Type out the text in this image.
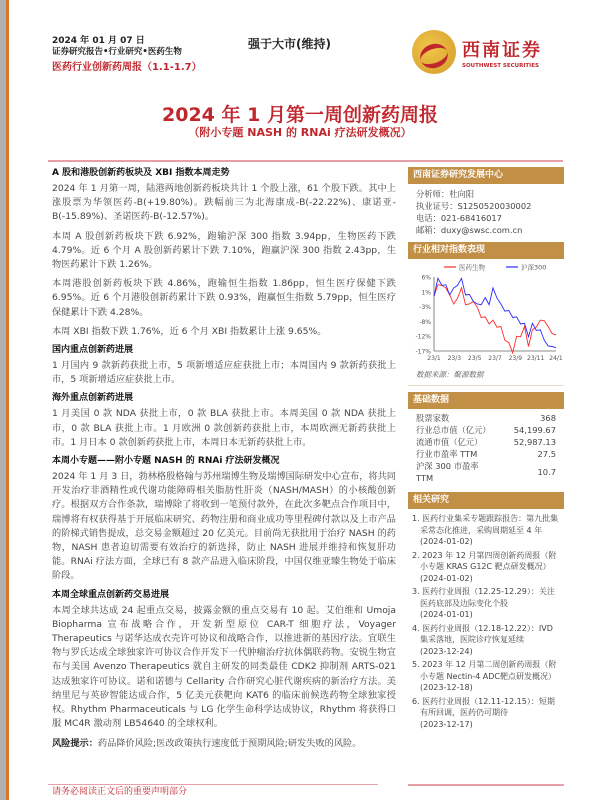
2024 年 01 月 07 日
证券研究报告•行业研究•医药生物
医药行业创新药周报（1.1-1.7）
强于大市(维持)	西南证券
SOUTHWEST SECURITIES
2024 年 1 月第一周创新药周报
（附小专题 NASH 的 RNAi 疗法研发概况）
A 股和港股创新药板块及 XBI 指数本周走势

2024 年 1 月第一周，陆港两地创新药板块共计 1 个股上涨，61 个股下跌。其中上涨股票为华领医药-B(+19.80%)。跌幅前三为北海康成-B(-22.22%)、康诺亚-B(-15.89%)、圣诺医药-B(-12.57%)。

本周 A 股创新药板块下跌 6.92%，跑输沪深 300 指数 3.94pp，生物医药下跌 4.79%。近 6 个月 A 股创新药累计下跌 7.10%，跑赢沪深 300 指数 2.43pp，生物医药累计下跌 1.26%。

本周港股创新药板块下跌 4.86%，跑输恒生指数 1.86pp，恒生医疗保健下跌 6.95%。近 6 个月港股创新药累计下跌 0.93%，跑赢恒生指数 5.79pp，恒生医疗保健累计下跌 4.28%。

本周 XBI 指数下跌 1.76%，近 6 个月 XBI 指数累计上涨 9.65%。

国内重点创新药进展

1 月国内 9 款新药获批上市，5 项新增适应症获批上市；本周国内 9 款新药获批上市，5 项新增适应症获批上市。

海外重点创新药进展

1 月美国 0 款 NDA 获批上市，0 款 BLA 获批上市。本周美国 0 款 NDA 获批上市，0 款 BLA 获批上市。1 月欧洲 0 款创新药获批上市，本周欧洲无新药获批上市。1 月日本 0 款创新药获批上市，本周日本无新药获批上市。

本周小专题——附小专题 NASH 的 RNAi 疗法研发概况

2024 年 1 月 3 日，勃林格殷格翰与苏州瑞博生物及瑞博国际研发中心宣布，将共同开发治疗非酒精性或代谢功能障碍相关脂肪性肝炎（NASH/MASH）的小核酸创新疗。根据双方合作条款，瑞博除了将收到一笔预付款外，在此次多靶点合作项目中，瑞博将有权获得基于开展临床研究、药物注册和商业成功等里程碑付款以及上市产品的阶梯式销售提成，总交易金额超过 20 亿美元。目前尚无获批用于治疗 NASH 的药物，NASH 患者迫切需要有效治疗的新选择，防止 NASH 进展并维持和恢复肝功能。RNAi 疗法方面，全球已有 8 款产品进入临床阶段，中国仅维亚臻生物处于临床阶段。

本周全球重点创新药交易进展

本周全球共达成 24 起重点交易，披露金额的重点交易有 10 起。艾伯维和 Umoja Biopharma 宣布战略合作，开发新型原位 CAR-T 细胞疗法，Voyager Therapeutics 与诺华达成衣壳许可协议和战略合作，以推进新的基因疗法。宜联生物与罗氏达成全球独家许可协议合作开发下一代肿瘤治疗抗体偶联药物。安锐生物宣布与美国 Avenzo Therapeutics 就自主研发的同类最佳 CDK2 抑制剂 ARTS-021 达成独家许可协议。诺和诺德与 Cellarity 合作研究心脏代谢疾病的新治疗方法。美纳里尼与英矽智能达成合作，5 亿美元获靶向 KAT6 的临床前候选药物全球独家授权。Rhythm Pharmaceuticals 与 LG 化学生命科学达成协议，Rhythm 将获得口服 MC4R 激动剂 LB54640 的全球权利。

风险提示：药品降价风险;医改政策执行速度低于预期风险;研发失败的风险。

西南证券研究发展中心
分析师：杜向阳
执业证号：S1250520030002
电话：021-68416017
邮箱：duxy@swsc.com.cn
行业相对指数表现
6%
1%
-3%
-8%
-12%
-17%
23/1 23/3 23/5 23/7 23/9 23/11 24/1
医药生物	沪深300
数据来源：聚源数据
基础数据
股票家数	368
行业总市值（亿元）	54,199.67
流通市值（亿元）	52,987.13
行业市盈率 TTM	27.5
沪深 300 市盈率 TTM	10.7
相关研究
1. 医药行业集采专题跟踪报告：第九批集采常态化推进，采购周期延至 4 年
(2024-01-02)
2. 2023 年 12 月第四周创新药周报（附小专题 KRAS G12C 靶点研发概况）
(2024-01-02)
3. 医药行业周报（12.25-12.29）：关注医药底部及边际变化个股
(2024-01-01)
4. 医药行业周报（12.18-12.22）：IVD 集采落地，医院诊疗恢复延续
(2023-12-24)
5. 2023 年 12 月第二周创新药周报（附小专题 Nectin-4 ADC靶点研发概况）
(2023-12-18)
6. 医药行业周报（12.11-12.15）：短期有所回调，医药仍可期待
(2023-12-17)
请务必阅读正文后的重要声明部分
